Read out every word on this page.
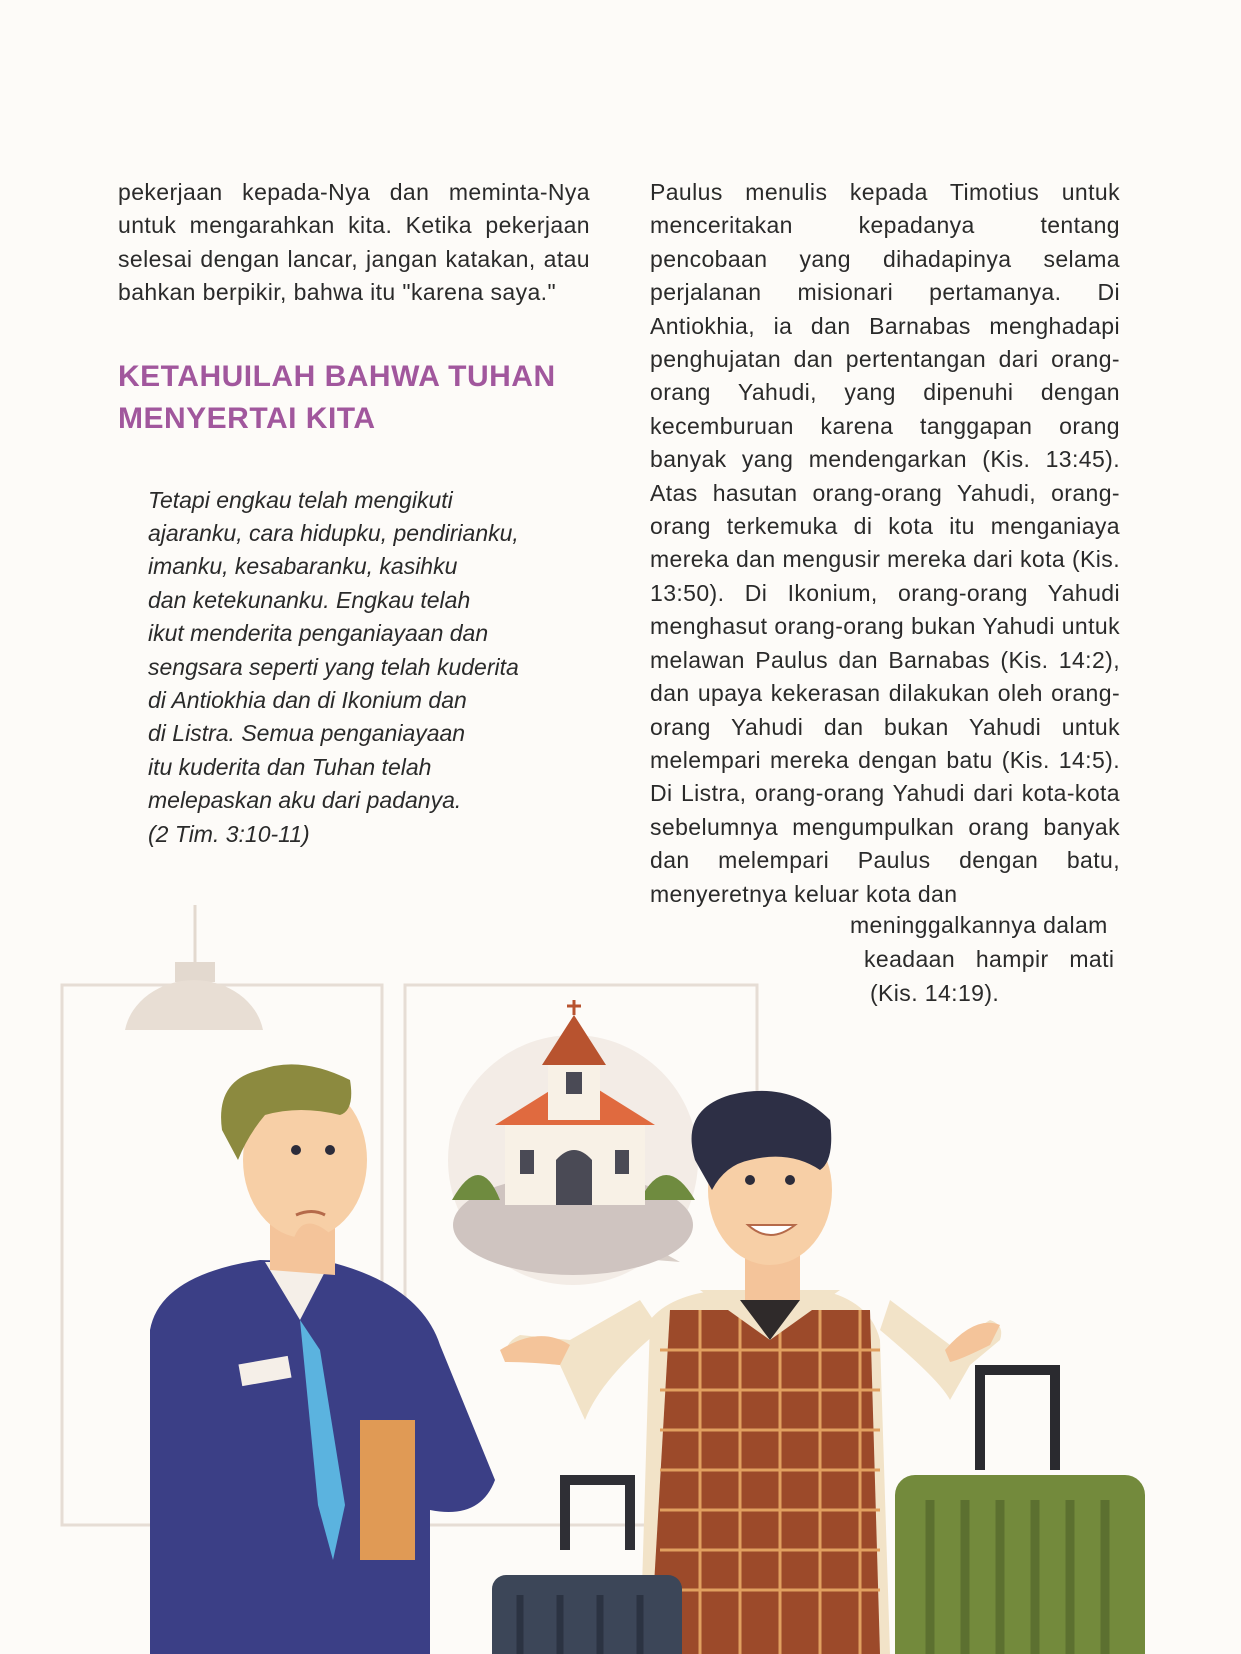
pekerjaan kepada-Nya dan meminta-Nya untuk mengarahkan kita. Ketika pekerjaan selesai dengan lancar, jangan katakan, atau bahkan berpikir, bahwa itu "karena saya."

KETAHUILAH BAHWA TUHAN MENYERTAI KITA
Tetapi engkau telah mengikuti
ajaranku, cara hidupku, pendirianku,
imanku, kesabaranku, kasihku
dan ketekunanku. Engkau telah
ikut menderita penganiayaan dan
sengsara seperti yang telah kuderita
di Antiokhia dan di Ikonium dan
di Listra. Semua penganiayaan
itu kuderita dan Tuhan telah
melepaskan aku dari padanya.
(2 Tim. 3:10-11)

Paulus menulis kepada Timotius untuk menceritakan kepadanya tentang pencobaan yang dihadapinya selama perjalanan misionari pertamanya. Di Antiokhia, ia dan Barnabas menghadapi penghujatan dan pertentangan dari orang-orang Yahudi, yang dipenuhi dengan kecemburuan karena tanggapan orang banyak yang mendengarkan (Kis. 13:45). Atas hasutan orang-orang Yahudi, orang-orang terkemuka di kota itu menganiaya mereka dan mengusir mereka dari kota (Kis. 13:50). Di Ikonium, orang-orang Yahudi menghasut orang-orang bukan Yahudi untuk melawan Paulus dan Barnabas (Kis. 14:2), dan upaya kekerasan dilakukan oleh orang-orang Yahudi dan bukan Yahudi untuk melempari mereka dengan batu (Kis. 14:5). Di Listra, orang-orang Yahudi dari kota-kota sebelumnya mengumpulkan orang banyak dan melempari Paulus dengan batu, menyeretnya keluar kota dan

meninggalkannya dalam
keadaan hampir mati
(Kis. 14:19).
